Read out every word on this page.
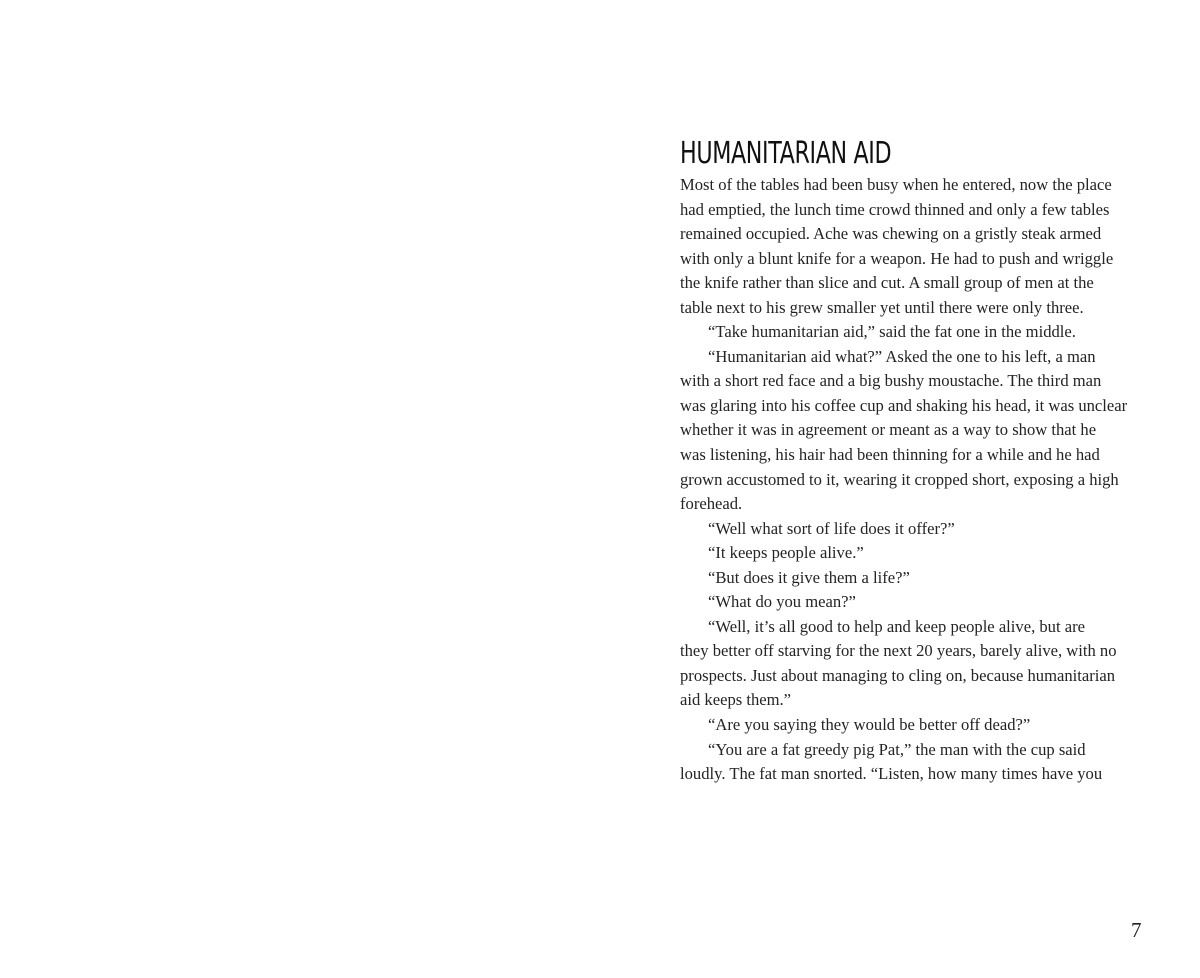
HUMANITARIAN AID
Most of the tables had been busy when he entered, now the place
had emptied, the lunch time crowd thinned and only a few tables
remained occupied. Ache was chewing on a gristly steak armed
with only a blunt knife for a weapon. He had to push and wriggle
the knife rather than slice and cut. A small group of men at the
table next to his grew smaller yet until there were only three.
“Take humanitarian aid,” said the fat one in the middle.
“Humanitarian aid what?” Asked the one to his left, a man
with a short red face and a big bushy moustache. The third man
was glaring into his coffee cup and shaking his head, it was unclear
whether it was in agreement or meant as a way to show that he
was listening, his hair had been thinning for a while and he had
grown accustomed to it, wearing it cropped short, exposing a high
forehead.
“Well what sort of life does it offer?”
“It keeps people alive.”
“But does it give them a life?”
“What do you mean?”
“Well, it’s all good to help and keep people alive, but are
they better off starving for the next 20 years, barely alive, with no
prospects. Just about managing to cling on, because humanitarian
aid keeps them.”
“Are you saying they would be better off dead?”
“You are a fat greedy pig Pat,” the man with the cup said
loudly. The fat man snorted. “Listen, how many times have you
7
